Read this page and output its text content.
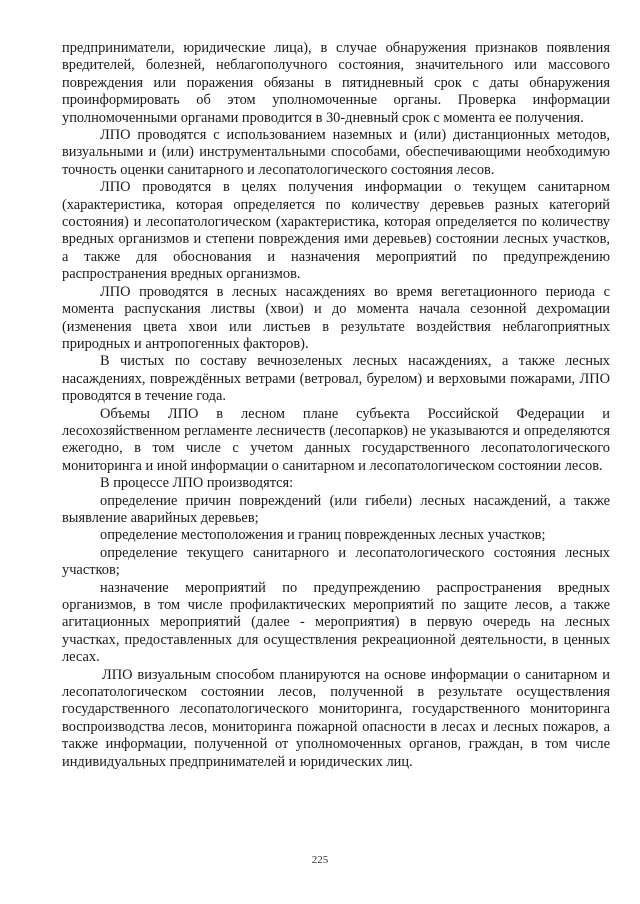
предприниматели, юридические лица), в случае обнаружения признаков появления вредителей, болезней, неблагополучного состояния, значительного или массового повреждения или поражения обязаны в пятидневный срок с даты обнаружения проинформировать об этом уполномоченные органы. Проверка информации уполномоченными органами проводится в 30-дневный срок с момента ее получения.

ЛПО проводятся с использованием наземных и (или) дистанционных методов, визуальными и (или) инструментальными способами, обеспечивающими необходимую точность оценки санитарного и лесопатологического состояния лесов.

ЛПО проводятся в целях получения информации о текущем санитарном (характеристика, которая определяется по количеству деревьев разных категорий состояния) и лесопатологическом (характеристика, которая определяется по количеству вредных организмов и степени повреждения ими деревьев) состоянии лесных участков, а также для обоснования и назначения мероприятий по предупреждению распространения вредных организмов.

ЛПО проводятся в лесных насаждениях во время вегетационного периода с момента распускания листвы (хвои) и до момента начала сезонной дехромации (изменения цвета хвои или листьев в результате воздействия неблагоприятных природных и антропогенных факторов).

В чистых по составу вечнозеленых лесных насаждениях, а также лесных насаждениях, повреждённых ветрами (ветровал, бурелом) и верховыми пожарами, ЛПО проводятся в течение года.

Объемы ЛПО в лесном плане субъекта Российской Федерации и лесохозяйственном регламенте лесничеств (лесопарков) не указываются и определяются ежегодно, в том числе с учетом данных государственного лесопатологического мониторинга и иной информации о санитарном и лесопатологическом состоянии лесов.

В процессе ЛПО производятся:

определение причин повреждений (или гибели) лесных насаждений, а также выявление аварийных деревьев;

определение местоположения и границ поврежденных лесных участков;

определение текущего санитарного и лесопатологического состояния лесных участков;

назначение мероприятий по предупреждению распространения вредных организмов, в том числе профилактических мероприятий по защите лесов, а также агитационных мероприятий (далее - мероприятия) в первую очередь на лесных участках, предоставленных для осуществления рекреационной деятельности, в ценных лесах.

ЛПО визуальным способом планируются на основе информации о санитарном и лесопатологическом состоянии лесов, полученной в результате осуществления государственного лесопатологического мониторинга, государственного мониторинга воспроизводства лесов, мониторинга пожарной опасности в лесах и лесных пожаров, а также информации, полученной от уполномоченных органов, граждан, в том числе индивидуальных предпринимателей и юридических лиц.

225
